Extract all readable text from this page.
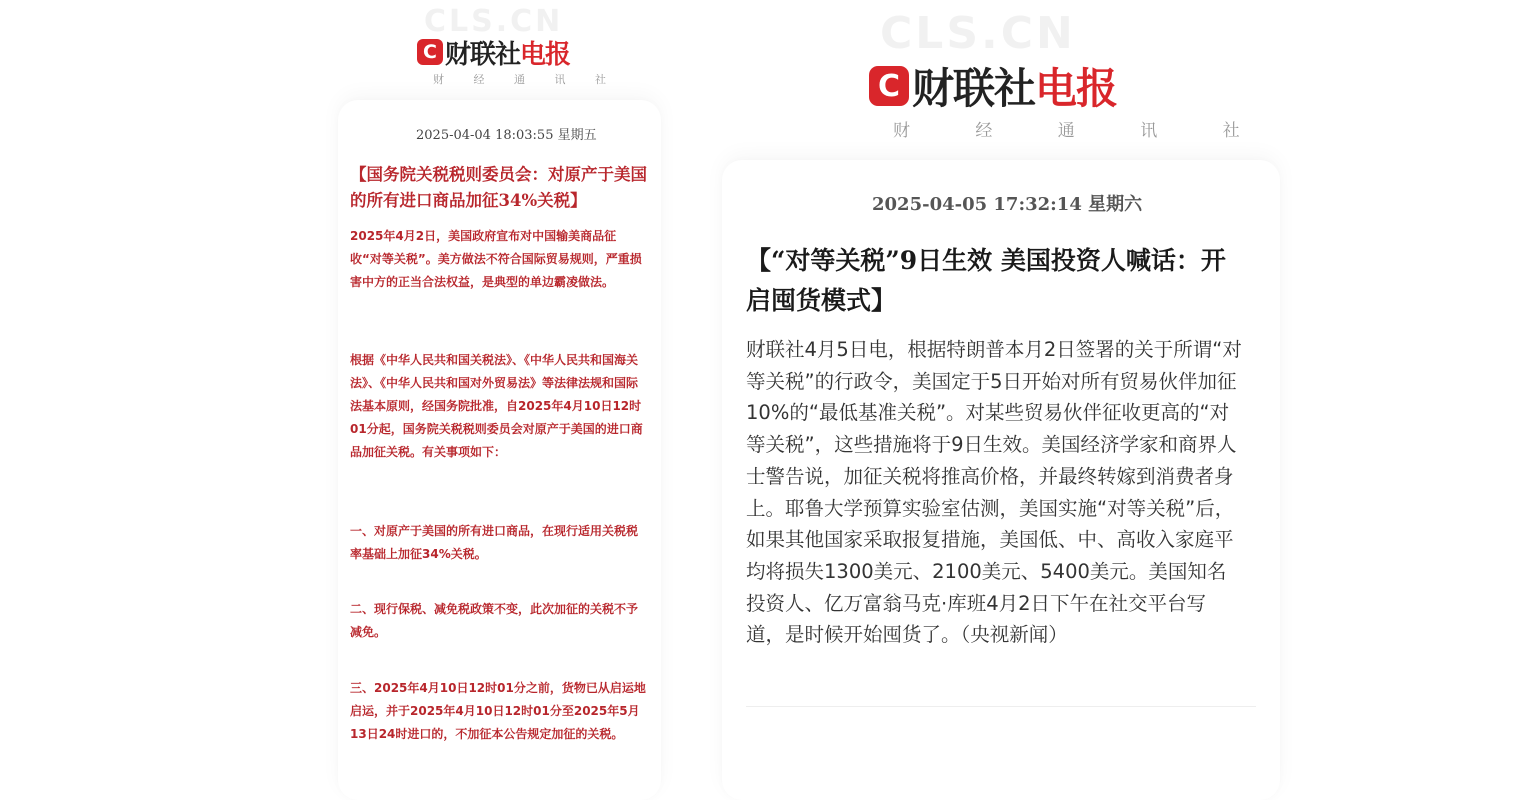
CLS.CN
C 财联社电报
财 经 通 讯 社
2025-04-04 18:03:55 星期五
【国务院关税税则委员会：对原产于美国的所有进口商品加征34%关税】

2025年4月2日，美国政府宣布对中国输美商品征收“对等关税”。美方做法不符合国际贸易规则，严重损害中方的正当合法权益，是典型的单边霸凌做法。

根据《中华人民共和国关税法》、《中华人民共和国海关法》、《中华人民共和国对外贸易法》等法律法规和国际法基本原则，经国务院批准，自2025年4月10日12时01分起，国务院关税税则委员会对原产于美国的进口商品加征关税。有关事项如下：

一、对原产于美国的所有进口商品，在现行适用关税税率基础上加征34%关税。

二、现行保税、减免税政策不变，此次加征的关税不予减免。

三、2025年4月10日12时01分之前，货物已从启运地启运，并于2025年4月10日12时01分至2025年5月13日24时进口的，不加征本公告规定加征的关税。

CLS.CN
C 财联社电报
财 经 通 讯 社
2025-04-05 17:32:14 星期六
【“对等关税”9日生效 美国投资人喊话：开启囤货模式】

财联社4月5日电，根据特朗普本月2日签署的关于所谓“对等关税”的行政令，美国定于5日开始对所有贸易伙伴加征10%的“最低基准关税”。对某些贸易伙伴征收更高的“对等关税”，这些措施将于9日生效。美国经济学家和商界人士警告说，加征关税将推高价格，并最终转嫁到消费者身上。耶鲁大学预算实验室估测，美国实施“对等关税”后，如果其他国家采取报复措施，美国低、中、高收入家庭平均将损失1300美元、2100美元、5400美元。美国知名投资人、亿万富翁马克·库班4月2日下午在社交平台写道，是时候开始囤货了。（央视新闻）
